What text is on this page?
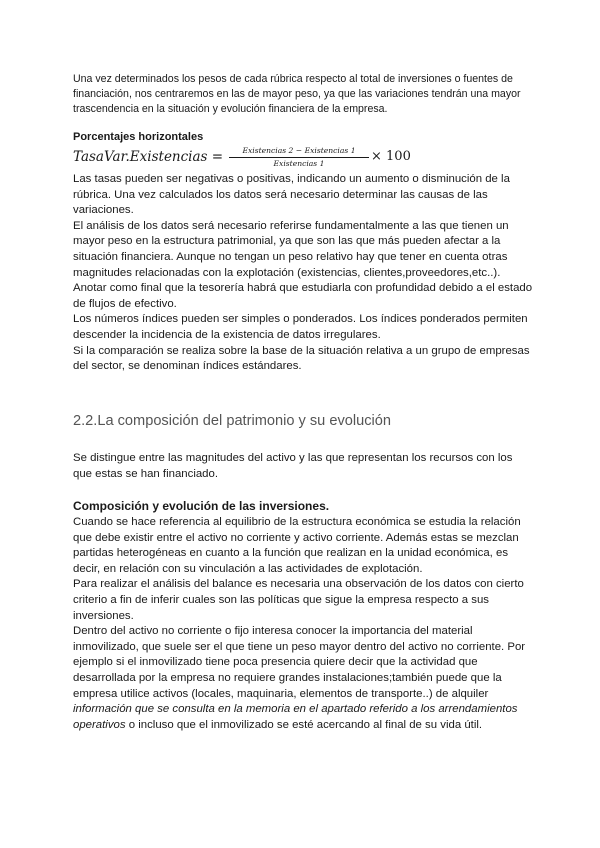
Una vez determinados los pesos de cada rúbrica respecto al total de inversiones o fuentes de financiación, nos centraremos en las de mayor peso, ya que las variaciones tendrán una mayor trascendencia en la situación y evolución financiera de la empresa.

Porcentajes horizontales

TasaVar.Existencias =	Existencias 2 − Existencias 1
Existencias 1	× 100

Las tasas pueden ser negativas o positivas, indicando un aumento o disminución de la rúbrica. Una vez calculados los datos será necesario determinar las causas de las variaciones.

El análisis de los datos será necesario referirse fundamentalmente a las que tienen un mayor peso en la estructura patrimonial, ya que son las que más pueden afectar a la situación financiera. Aunque no tengan un peso relativo hay que tener en cuenta otras magnitudes relacionadas con la explotación (existencias, clientes,proveedores,etc..). Anotar como final que la tesorería habrá que estudiarla con profundidad debido a el estado de flujos de efectivo.

Los números índices pueden ser simples o ponderados. Los índices ponderados permiten descender la incidencia de la existencia de datos irregulares.

Si la comparación se realiza sobre la base de la situación relativa a un grupo de empresas del sector, se denominan índices estándares.

2.2.La composición del patrimonio y su evolución

Se distingue entre las magnitudes del activo y las que representan los recursos con los que estas se han financiado.

Composición y evolución de las inversiones.

Cuando se hace referencia al equilibrio de la estructura económica se estudia la relación que debe existir entre el activo no corriente y activo corriente. Además estas se mezclan partidas heterogéneas en cuanto a la función que realizan en la unidad económica, es decir, en relación con su vinculación a las actividades de explotación.

Para realizar el análisis del balance es necesaria una observación de los datos con cierto criterio a fin de inferir cuales son las políticas que sigue la empresa respecto a sus inversiones.

Dentro del activo no corriente o fijo interesa conocer la importancia del material inmovilizado, que suele ser el que tiene un peso mayor dentro del activo no corriente. Por ejemplo si el inmovilizado tiene poca presencia quiere decir que la actividad que desarrollada por la empresa no requiere grandes instalaciones;también puede que la empresa utilice activos (locales, maquinaria, elementos de transporte..) de alquiler información que se consulta en la memoria en el apartado referido a los arrendamientos operativos o incluso que el inmovilizado se esté acercando al final de su vida útil.
